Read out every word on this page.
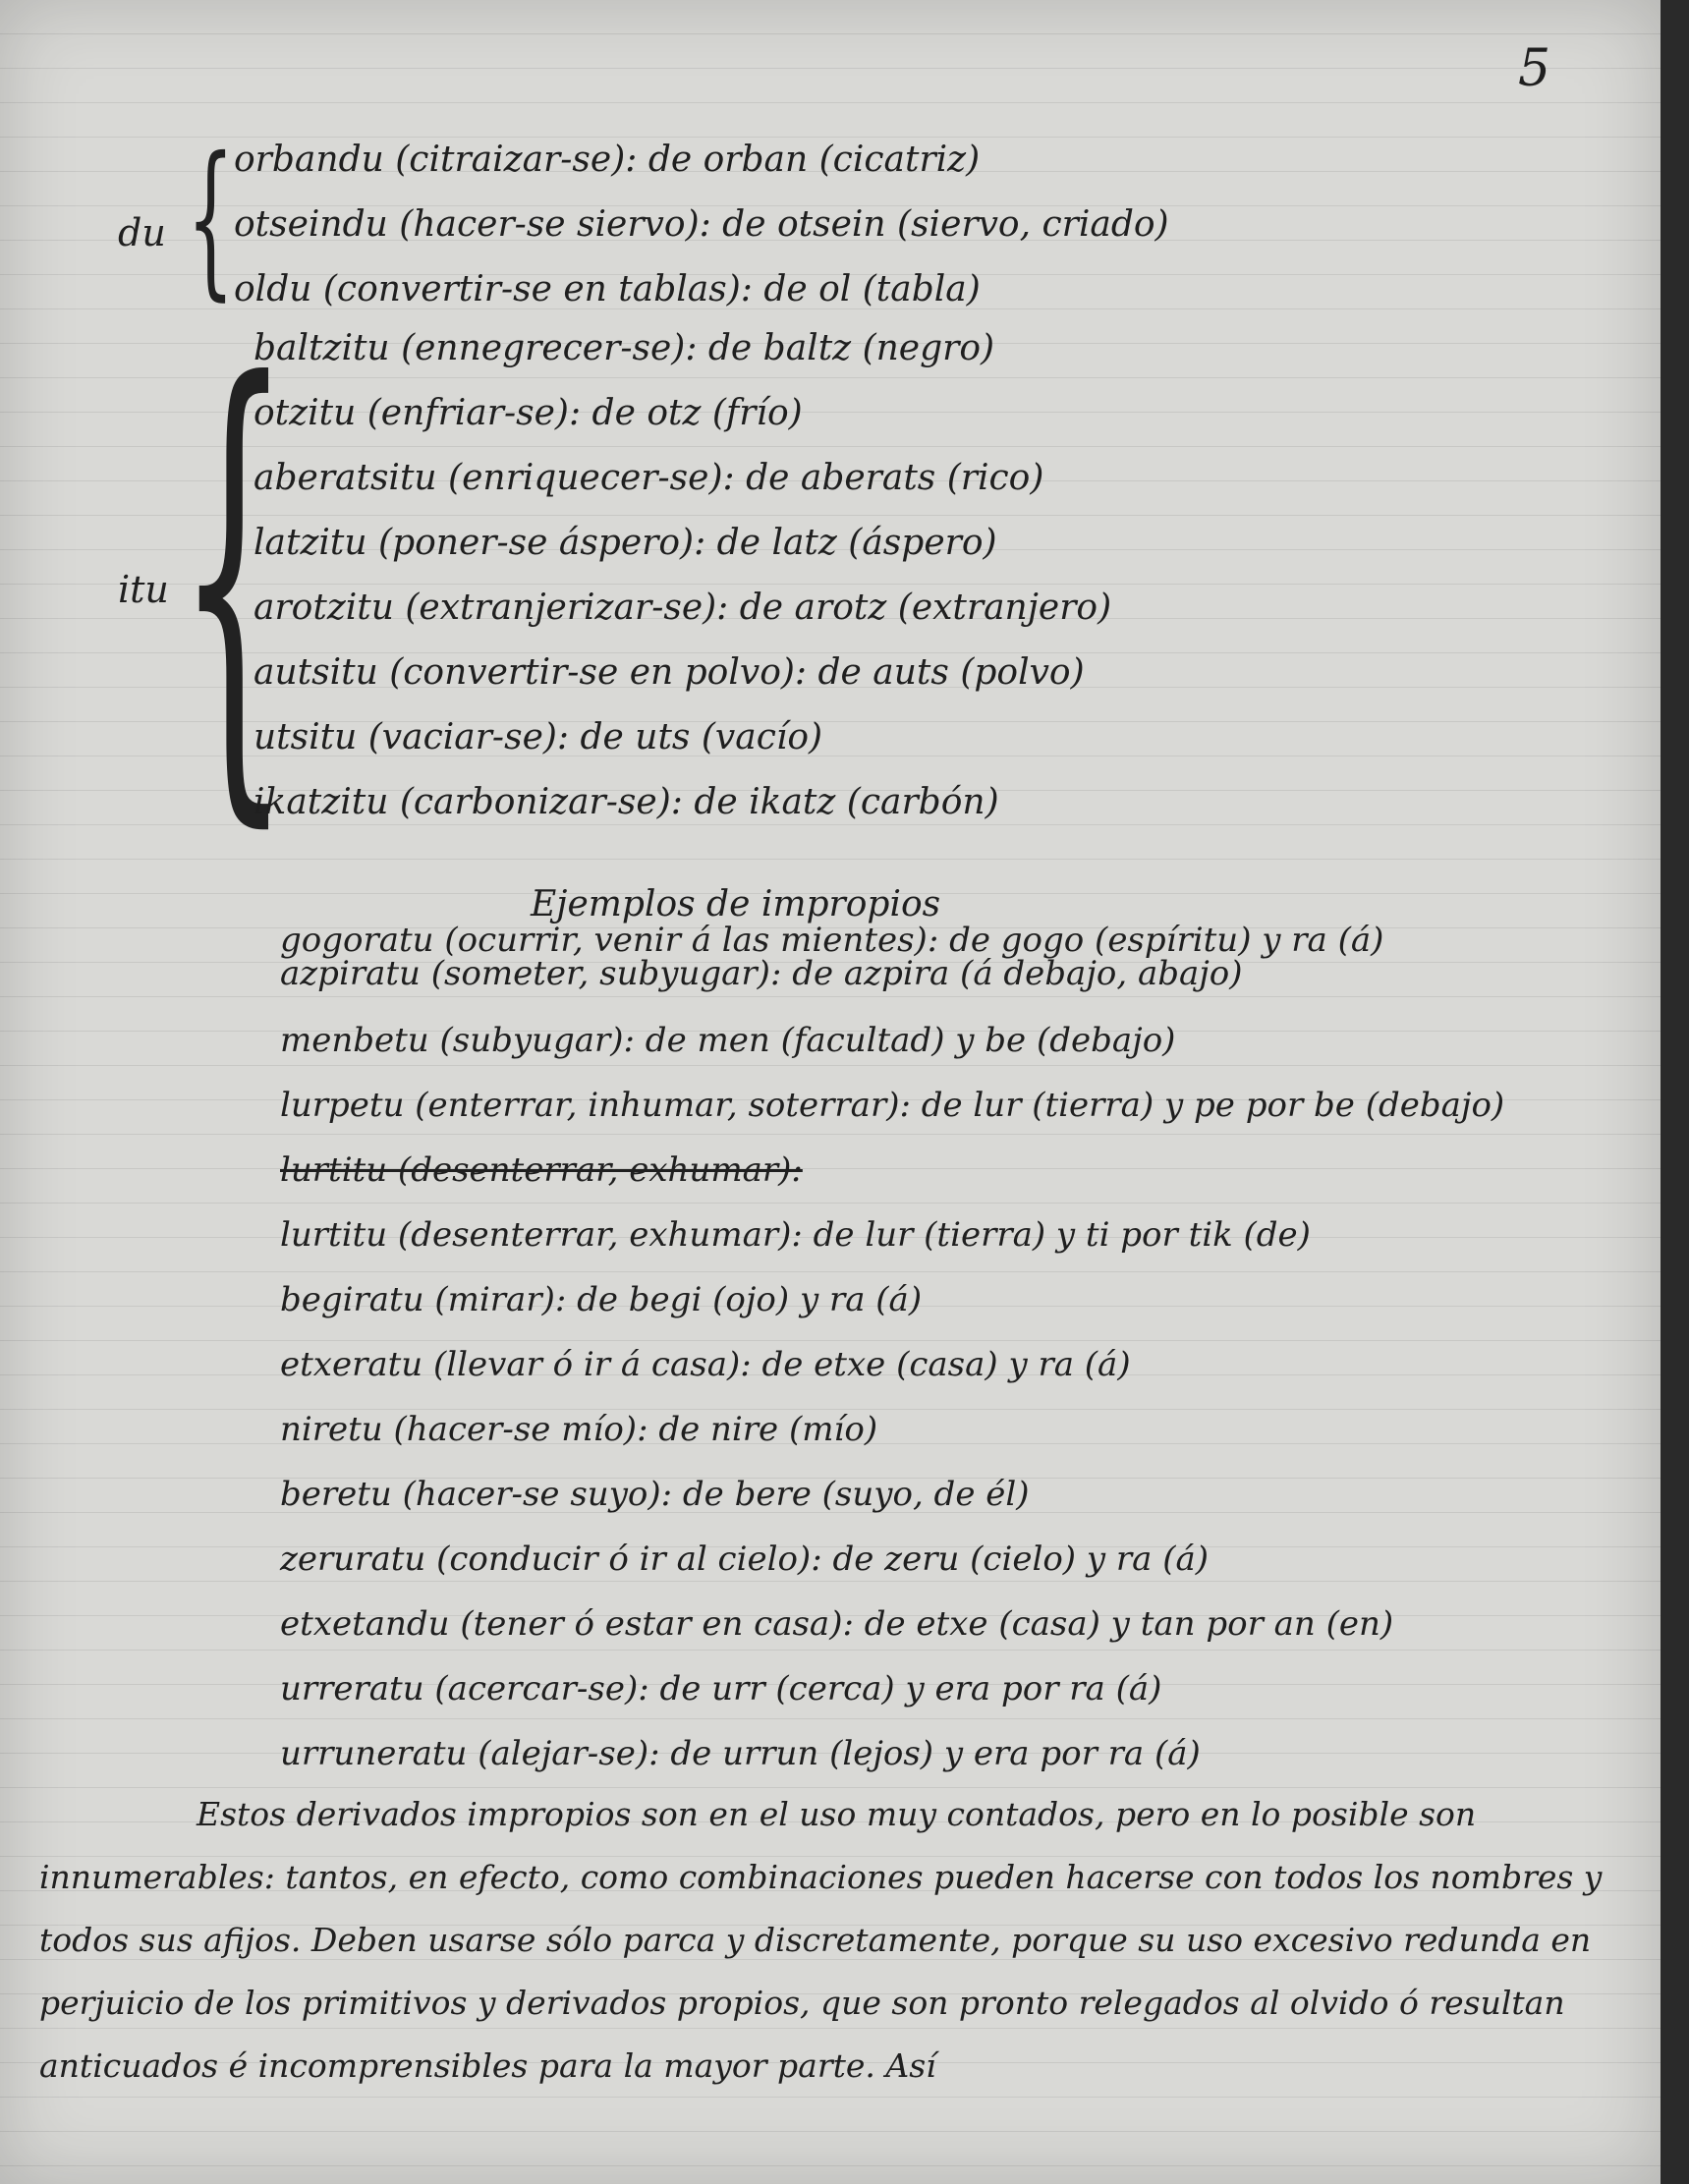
5
du { orbandu (citraizar-se): de orban (cicatriz)
otseindu (hacer-se siervo): de otsein (siervo, criado)
oldu (convertir-se en tablas): de ol (tabla)
itu {
baltzitu (ennegrecer-se): de baltz (negro)
otzitu (enfriar-se): de otz (frío)
aberatsitu (enriquecer-se): de aberats (rico)
latzitu (poner-se áspero): de latz (áspero)
arotzitu (extranjerizar-se): de arotz (extranjero)
autsitu (convertir-se en polvo): de auts (polvo)
utsitu (vaciar-se): de uts (vacío)
ikatzitu (carbonizar-se): de ikatz (carbón)
Ejemplos de impropios
gogoratu (ocurrir, venir á las mientes): de gogo (espíritu) y ra (á)
azpiratu (someter, subyugar): de azpira (á debajo, abajo)
menbetu (subyugar): de men (facultad) y be (debajo)
lurpetu (enterrar, inhumar, soterrar): de lur (tierra) y pe por be (debajo)
lurtitu (desenterrar, exhumar):
lurtitu (desenterrar, exhumar): de lur (tierra) y ti por tik (de)
begiratu (mirar): de begi (ojo) y ra (á)
etxeratu (llevar ó ir á casa): de etxe (casa) y ra (á)
niretu (hacer-se mío): de nire (mío)
beretu (hacer-se suyo): de bere (suyo, de él)
zeruratu (conducir ó ir al cielo): de zeru (cielo) y ra (á)
etxetandu (tener ó estar en casa): de etxe (casa) y tan por an (en)
urreratu (acercar-se): de urr (cerca) y era por ra (á)
urruneratu (alejar-se): de urrun (lejos) y era por ra (á)
Estos derivados impropios son en el uso muy contados, pero en lo posible son innumerables: tantos, en efecto, como combinaciones pueden hacerse con todos los nombres y todos sus afijos. Deben usarse sólo parca y discretamente, porque su uso excesivo redunda en perjuicio de los primitivos y derivados propios, que son pronto relegados al olvido ó resultan anticuados é incomprensibles para la mayor parte. Así
